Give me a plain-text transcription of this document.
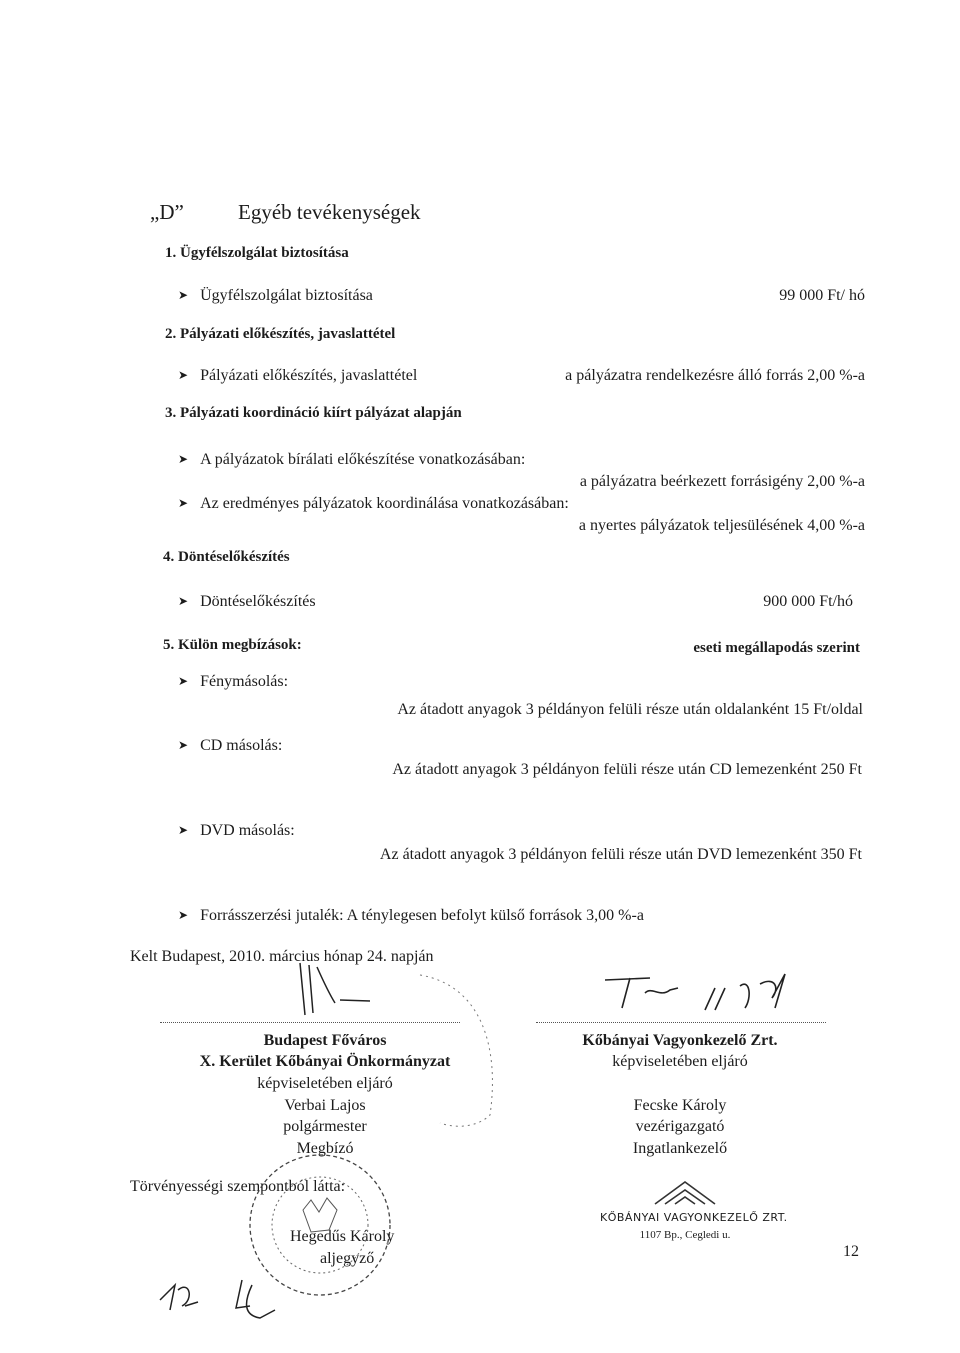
„D”	Egyéb tevékenységek
1. Ügyfélszolgálat biztosítása
➤ Ügyfélszolgálat biztosítása	99 000 Ft/ hó
2. Pályázati előkészítés, javaslattétel
➤ Pályázati előkészítés, javaslattétel	a pályázatra rendelkezésre álló forrás 2,00 %-a
3. Pályázati koordináció kiírt pályázat alapján
➤ A pályázatok bírálati előkészítése vonatkozásában:
a pályázatra beérkezett forrásigény 2,00 %-a
➤ Az eredményes pályázatok koordinálása vonatkozásában:
a nyertes pályázatok teljesülésének 4,00 %-a
4. Döntéselőkészítés
➤ Döntéselőkészítés	900 000 Ft/hó
5. Külön megbízások:	eseti megállapodás szerint
➤ Fénymásolás:
Az átadott anyagok 3 példányon felüli része után oldalanként 15 Ft/oldal
➤ CD másolás:
Az átadott anyagok 3 példányon felüli része után CD lemezenként 250 Ft
➤ DVD másolás:
Az átadott anyagok 3 példányon felüli része után DVD lemezenként 350 Ft
➤ Forrásszerzési jutalék: A ténylegesen befolyt külső források 3,00 %-a
Kelt Budapest, 2010. március hónap 24. napján
Budapest Főváros
X. Kerület Kőbányai Önkormányzat
képviseletében eljáró
Verbai Lajos
polgármester
Megbízó
Törvényességi szempontból látta:
Hegedűs Károly
aljegyző
Kőbányai Vagyonkezelő Zrt.
képviseletében eljáró
Fecske Károly
vezérigazgató
Ingatlankezelő
KŐBÁNYAI VAGYONKEZELŐ ZRT.
1107 Bp., Cegledi u.
12
